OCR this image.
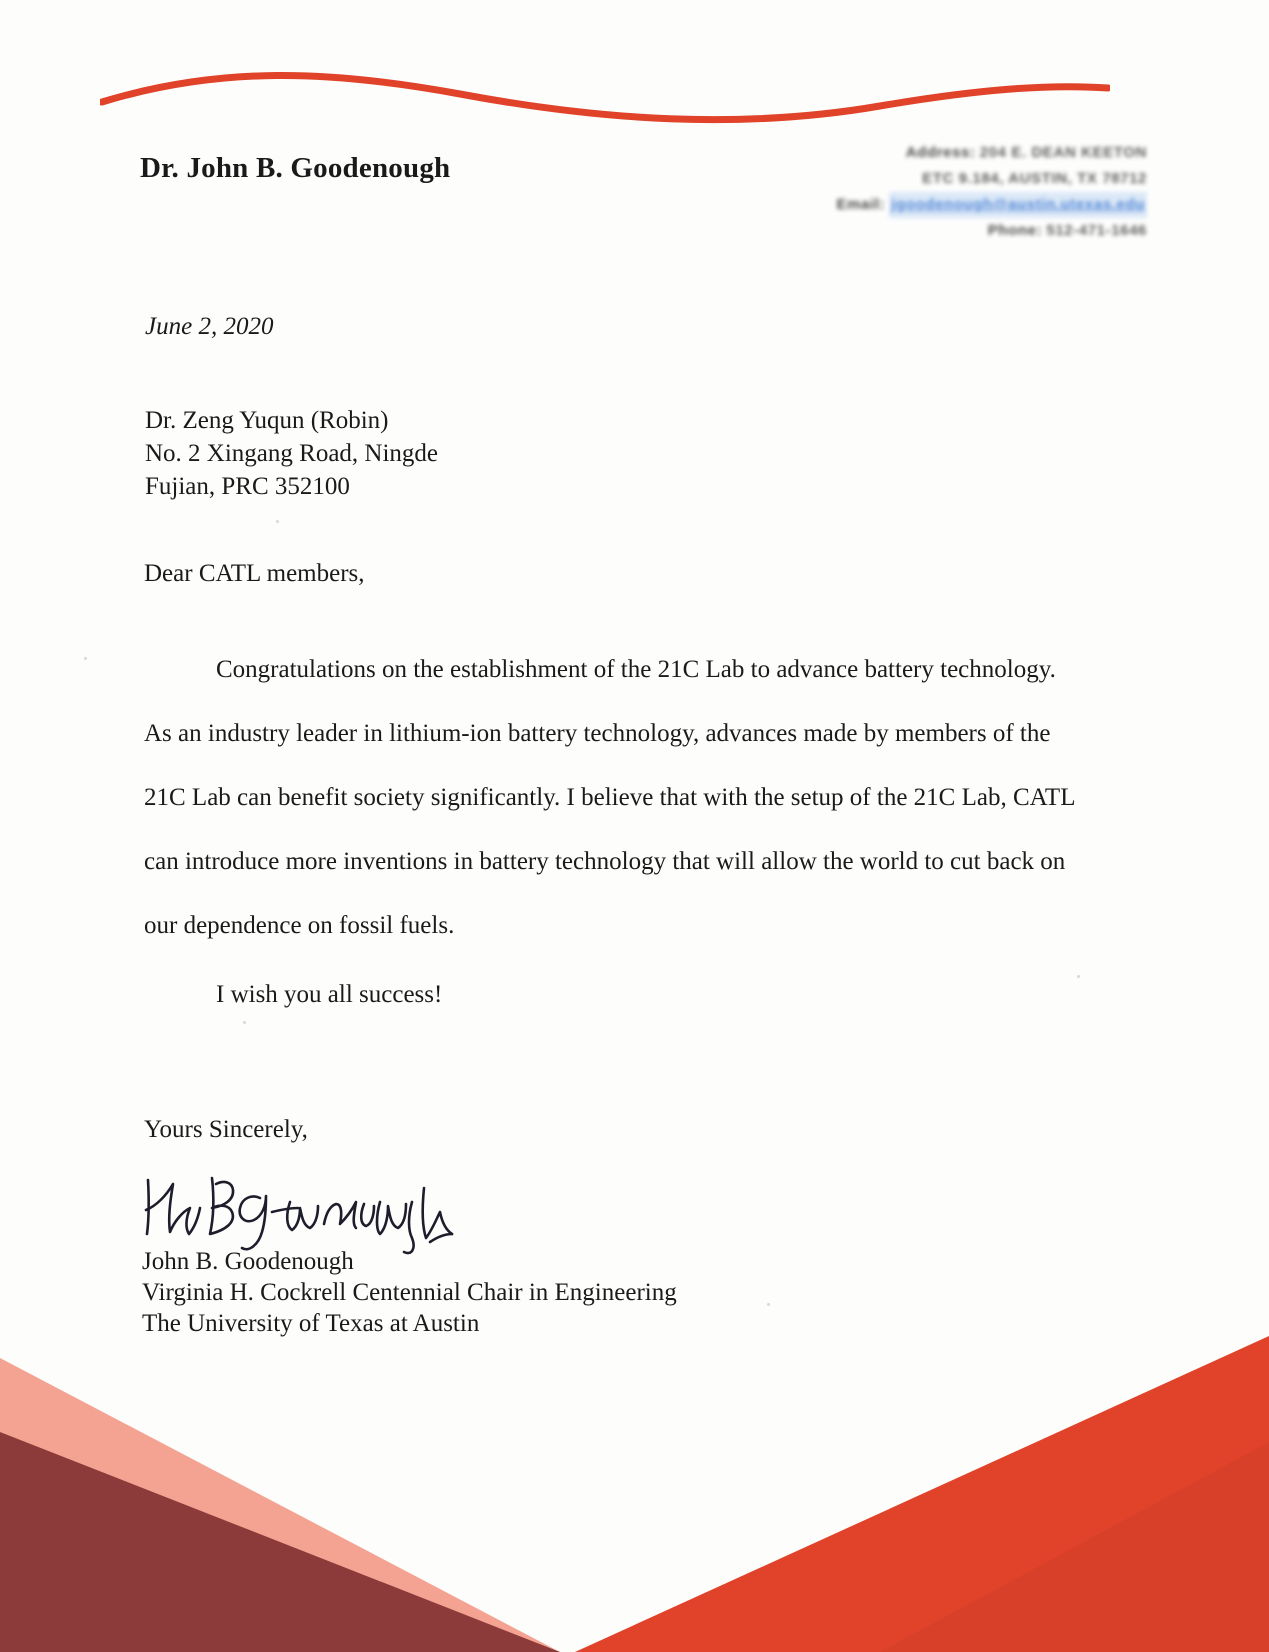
Dr. John B. Goodenough	Address: 204 E. DEAN KEETON
ETC 9.184, AUSTIN, TX 78712
Email: jgoodenough@austin.utexas.edu
Phone: 512-471-1646
June 2, 2020
Dr. Zeng Yuqun (Robin)
No. 2 Xingang Road, Ningde
Fujian, PRC 352100
Dear CATL members,
Congratulations on the establishment of the 21C Lab to advance battery technology. As an industry leader in lithium-ion battery technology, advances made by members of the 21C Lab can benefit society significantly. I believe that with the setup of the 21C Lab, CATL can introduce more inventions in battery technology that will allow the world to cut back on our dependence on fossil fuels.
I wish you all success!
Yours Sincerely,
John B. Goodenough
Virginia H. Cockrell Centennial Chair in Engineering
The University of Texas at Austin
